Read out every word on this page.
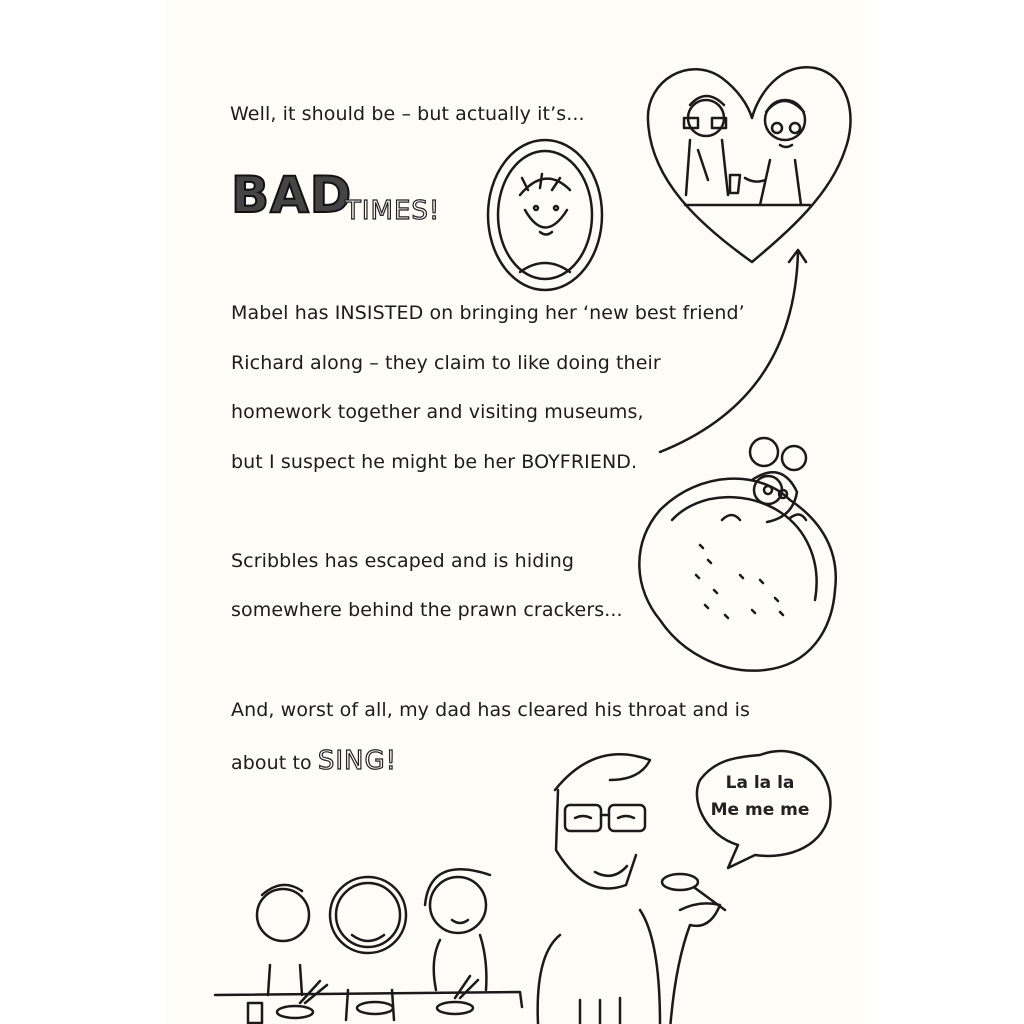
Well, it should be – but actually it’s...
BAD
TIMES!
Mabel has INSISTED on bringing her ‘new best friend’
Richard along – they claim to like doing their
homework together and visiting museums,
but I suspect he might be her BOYFRIEND.
Scribbles has escaped and is hiding
somewhere behind the prawn crackers...
And, worst of all, my dad has cleared his throat and is
about to SING!
La la la
Me me me
